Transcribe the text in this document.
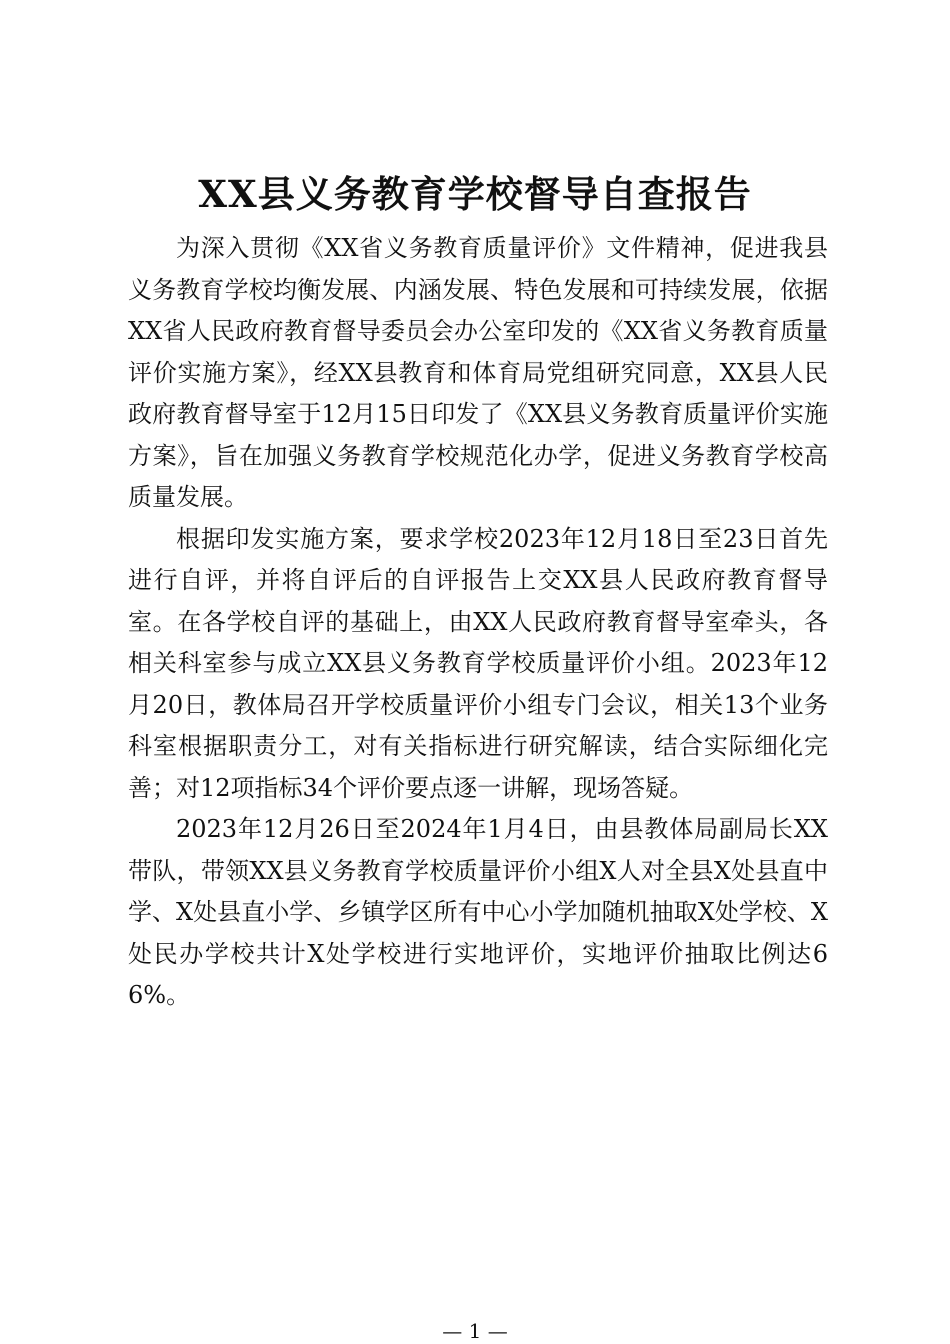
XX县义务教育学校督导自查报告

为深入贯彻《XX省义务教育质量评价》文件精神，促进我县义务教育学校均衡发展、内涵发展、特色发展和可持续发展，依据XX省人民政府教育督导委员会办公室印发的《XX省义务教育质量评价实施方案》，经XX县教育和体育局党组研究同意，XX县人民政府教育督导室于12月15日印发了《XX县义务教育质量评价实施方案》，旨在加强义务教育学校规范化办学，促进义务教育学校高质量发展。

根据印发实施方案，要求学校2023年12月18日至23日首先进行自评，并将自评后的自评报告上交XX县人民政府教育督导室。在各学校自评的基础上，由XX人民政府教育督导室牵头，各相关科室参与成立XX县义务教育学校质量评价小组。2023年12月20日，教体局召开学校质量评价小组专门会议，相关13个业务科室根据职责分工，对有关指标进行研究解读，结合实际细化完善；对12项指标34个评价要点逐一讲解，现场答疑。

2023年12月26日至2024年1月4日，由县教体局副局长XX带队，带领XX县义务教育学校质量评价小组X人对全县X处县直中学、X处县直小学、乡镇学区所有中心小学加随机抽取X处学校、X处民办学校共计X处学校进行实地评价，实地评价抽取比例达66%。

— 1 —
